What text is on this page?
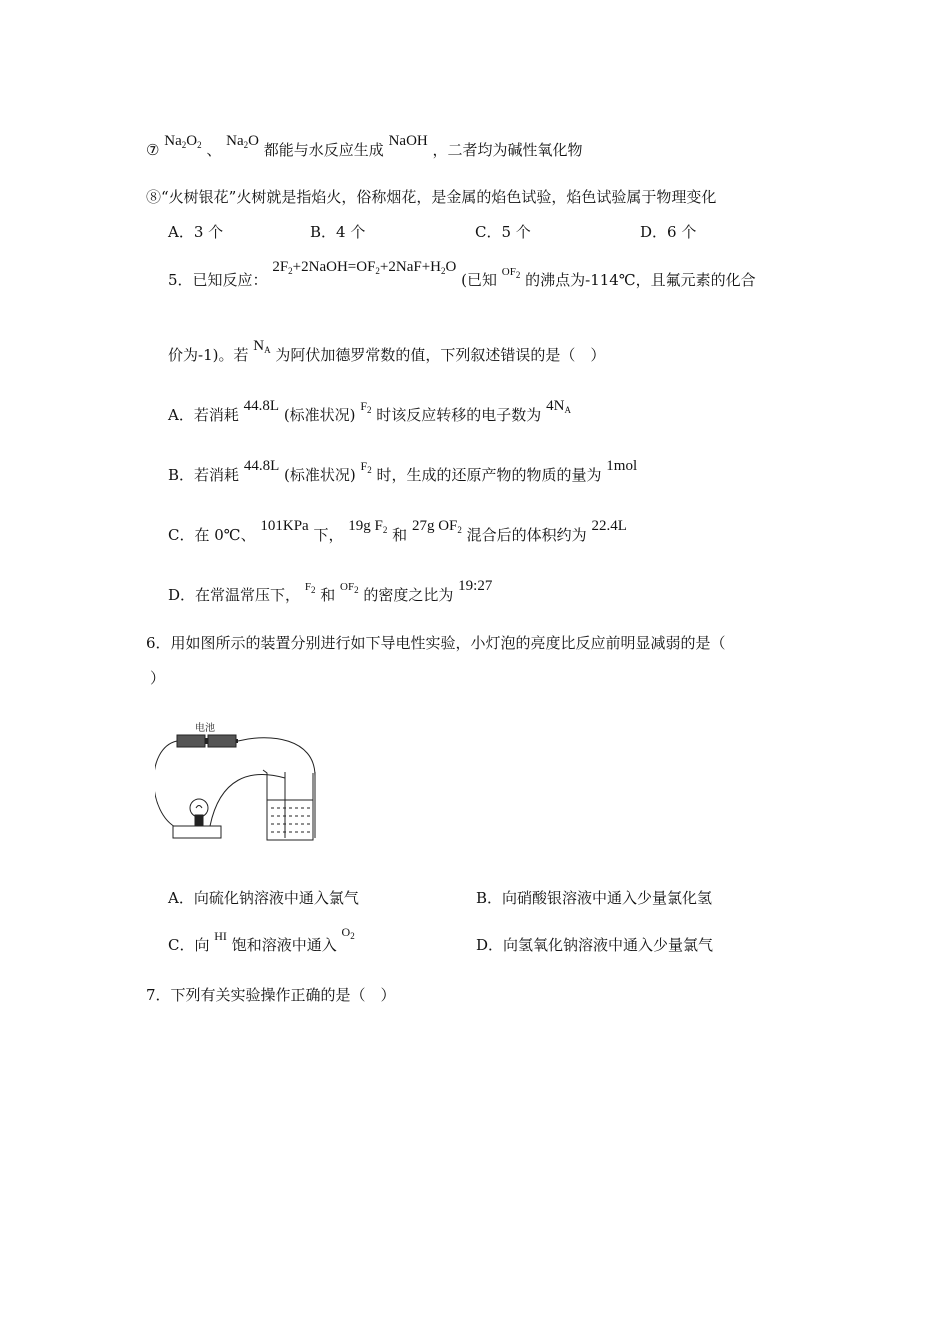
⑦ $Na_2O_2$ 、 $Na_2O$ 都能与水反应生成 NaOH ，二者均为碱性氧化物
⑧“火树银花”火树就是指焰火，俗称烟花，是金属的焰色试验，焰色试验属于物理变化
A．3 个	B．4 个	C．5 个	D．6 个
5．已知反应： $2F_2+2NaOH=OF_2+2NaF+H_2O$ (已知 $OF_2$ 的沸点为-114℃，且氟元素的化合
价为-1)。若 $N_A$ 为阿伏加德罗常数的值，下列叙述错误的是（　）
A．若消耗 44.8L (标准状况) $F_2$ 时该反应转移的电子数为 $4N_A$
B．若消耗 44.8L (标准状况) $F_2$ 时，生成的还原产物的物质的量为 1mol
C．在 0℃、 101KPa 下， 19g $F_2$ 和 27g $OF_2$ 混合后的体积约为 22.4L
D．在常温常压下， $F_2$ 和 $OF_2$ 的密度之比为 19:27
6．用如图所示的装置分别进行如下导电性实验，小灯泡的亮度比反应前明显减弱的是（
）
电池
A．向硫化钠溶液中通入氯气	B．向硝酸银溶液中通入少量氯化氢
C．向 HI 饱和溶液中通入 $O_2$	D．向氢氧化钠溶液中通入少量氯气
7．下列有关实验操作正确的是（　）
